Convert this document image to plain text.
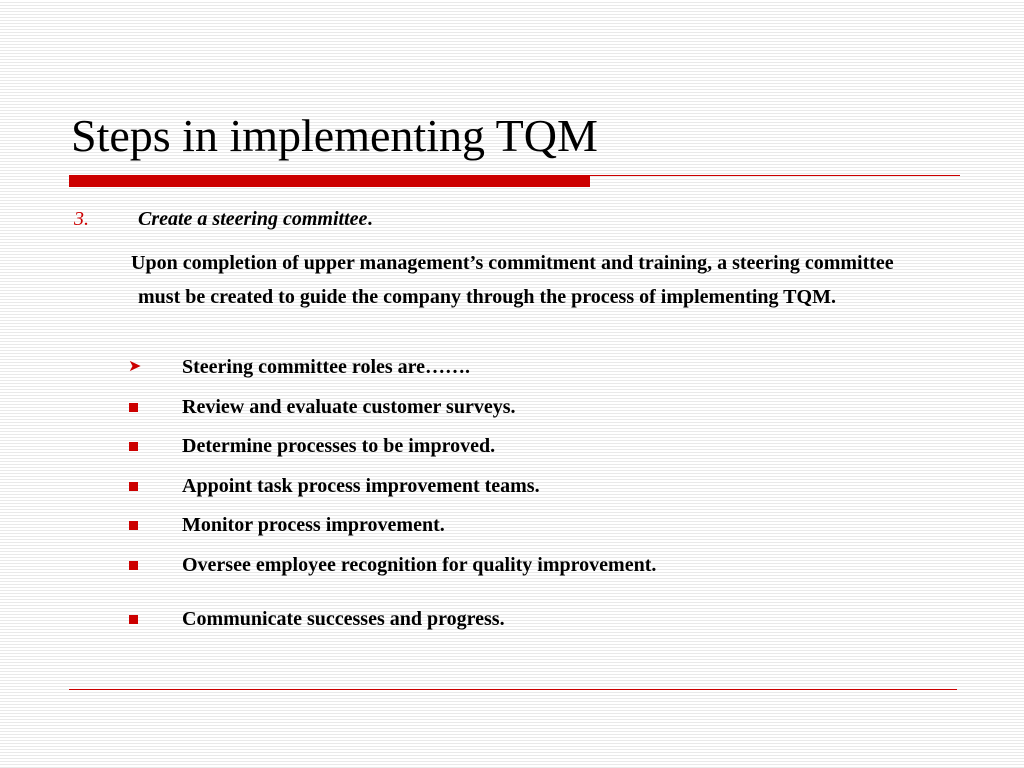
Steps in implementing TQM
3. Create a steering committee.
Upon completion of upper management’s commitment and training, a steering committee must be created to guide the company through the process of implementing TQM.
➤ Steering committee roles are…….
Review and evaluate customer surveys.
Determine processes to be improved.
Appoint task process improvement teams.
Monitor process improvement.
Oversee employee recognition for quality improvement.
Communicate successes and progress.
